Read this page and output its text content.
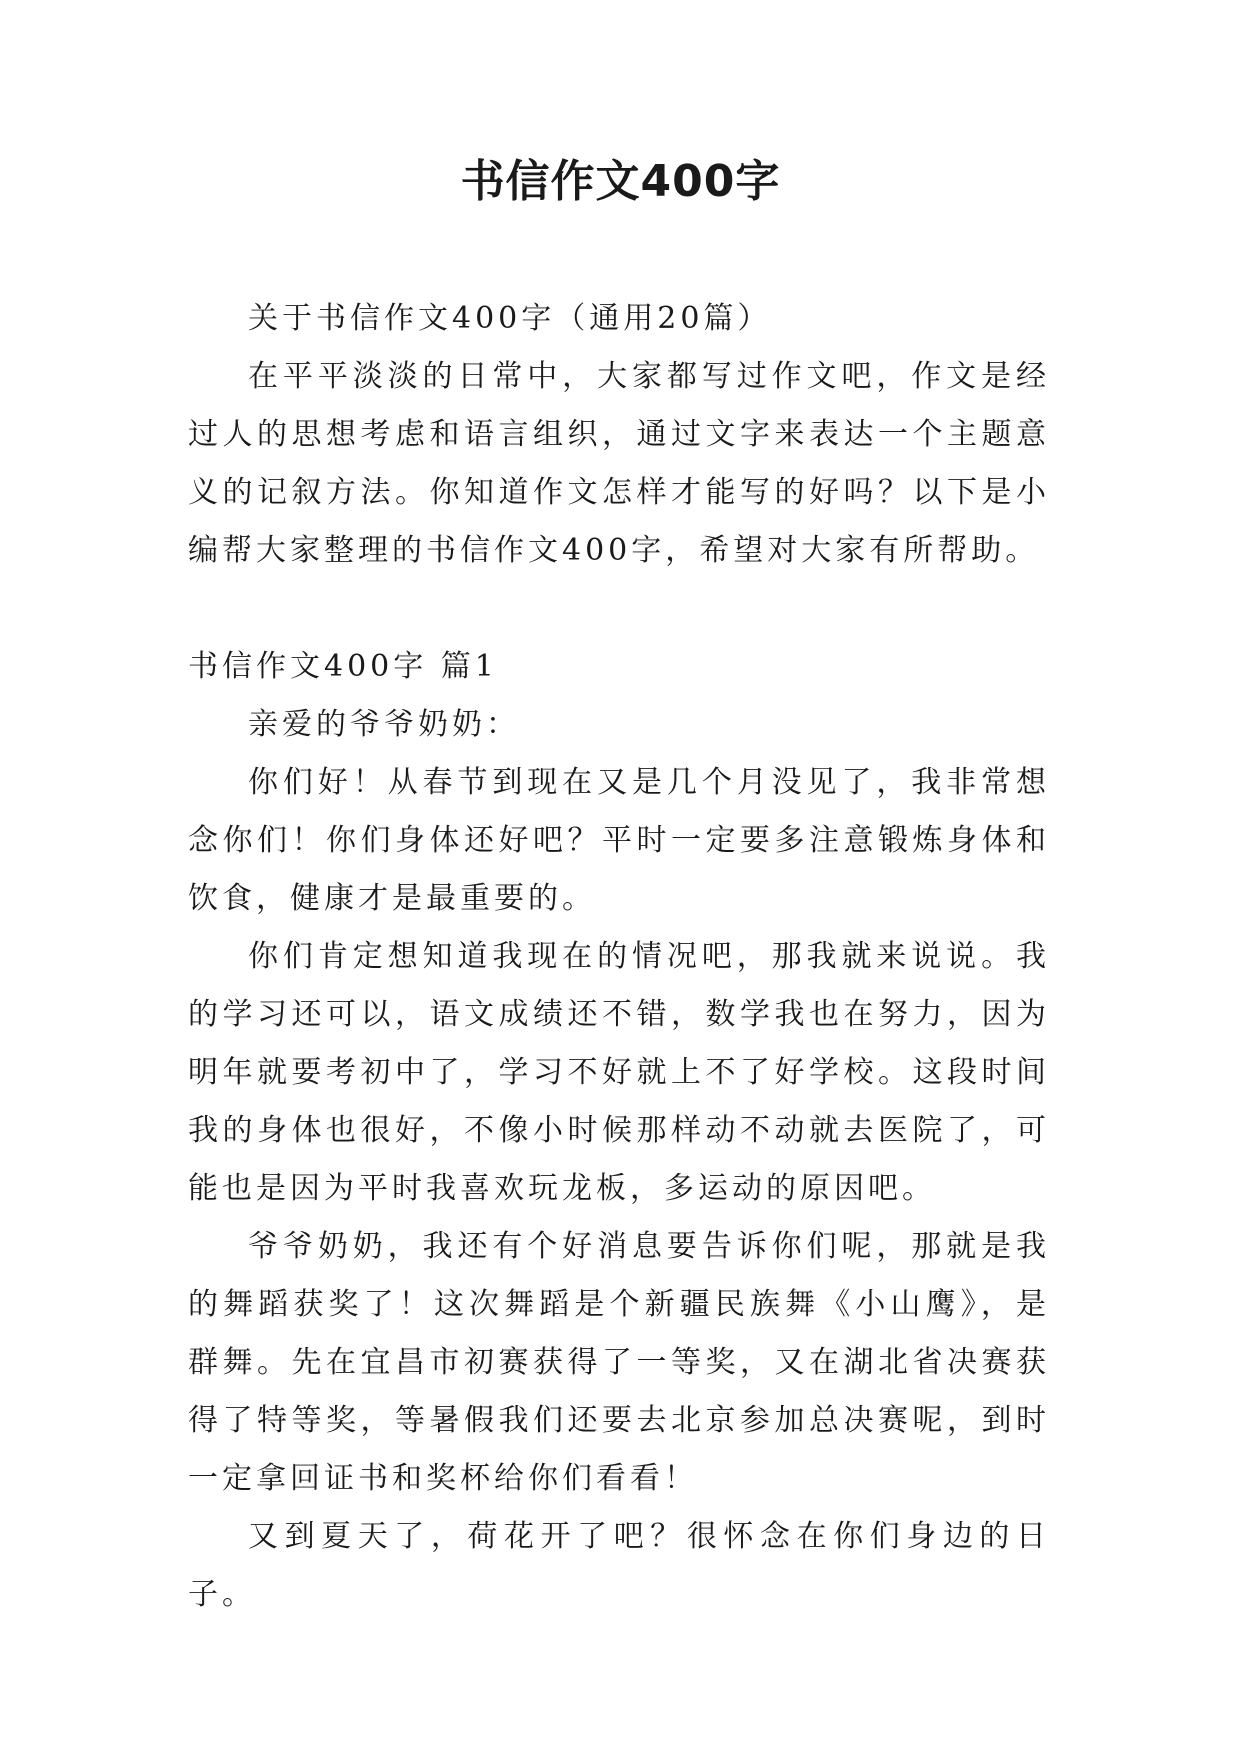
书信作文400字

关于书信作文400字（通用20篇）

在平平淡淡的日常中，大家都写过作文吧，作文是经过人的思想考虑和语言组织，通过文字来表达一个主题意义的记叙方法。你知道作文怎样才能写的好吗？以下是小编帮大家整理的书信作文400字，希望对大家有所帮助。

书信作文400字 篇1

亲爱的爷爷奶奶：

你们好！从春节到现在又是几个月没见了，我非常想念你们！你们身体还好吧？平时一定要多注意锻炼身体和饮食，健康才是最重要的。

你们肯定想知道我现在的情况吧，那我就来说说。我的学习还可以，语文成绩还不错，数学我也在努力，因为明年就要考初中了，学习不好就上不了好学校。这段时间我的身体也很好，不像小时候那样动不动就去医院了，可能也是因为平时我喜欢玩龙板，多运动的原因吧。

爷爷奶奶，我还有个好消息要告诉你们呢，那就是我的舞蹈获奖了！这次舞蹈是个新疆民族舞《小山鹰》，是群舞。先在宜昌市初赛获得了一等奖，又在湖北省决赛获得了特等奖，等暑假我们还要去北京参加总决赛呢，到时一定拿回证书和奖杯给你们看看！

又到夏天了，荷花开了吧？很怀念在你们身边的日子。
